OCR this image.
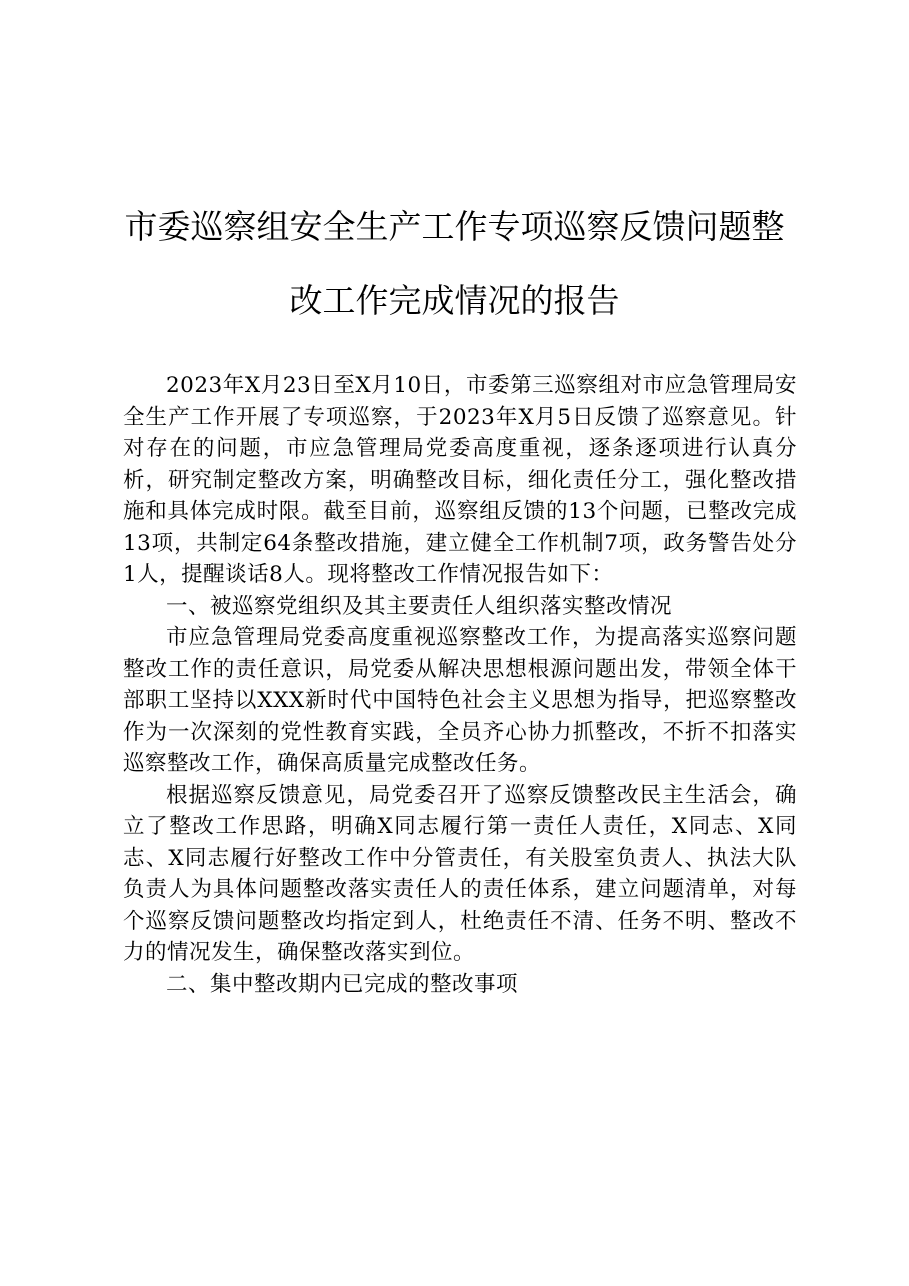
市委巡察组安全生产工作专项巡察反馈问题整
改工作完成情况的报告

2023年X月23日至X月10日，市委第三巡察组对市应急管理局安全生产工作开展了专项巡察，于2023年X月5日反馈了巡察意见。针对存在的问题，市应急管理局党委高度重视，逐条逐项进行认真分析，研究制定整改方案，明确整改目标，细化责任分工，强化整改措施和具体完成时限。截至目前，巡察组反馈的13个问题，已整改完成13项，共制定64条整改措施，建立健全工作机制7项，政务警告处分1人，提醒谈话8人。现将整改工作情况报告如下：

一、被巡察党组织及其主要责任人组织落实整改情况

市应急管理局党委高度重视巡察整改工作，为提高落实巡察问题整改工作的责任意识，局党委从解决思想根源问题出发，带领全体干部职工坚持以XXX新时代中国特色社会主义思想为指导，把巡察整改作为一次深刻的党性教育实践，全员齐心协力抓整改，不折不扣落实巡察整改工作，确保高质量完成整改任务。

根据巡察反馈意见，局党委召开了巡察反馈整改民主生活会，确立了整改工作思路，明确X同志履行第一责任人责任，X同志、X同志、X同志履行好整改工作中分管责任，有关股室负责人、执法大队负责人为具体问题整改落实责任人的责任体系，建立问题清单，对每个巡察反馈问题整改均指定到人，杜绝责任不清、任务不明、整改不力的情况发生，确保整改落实到位。

二、集中整改期内已完成的整改事项
